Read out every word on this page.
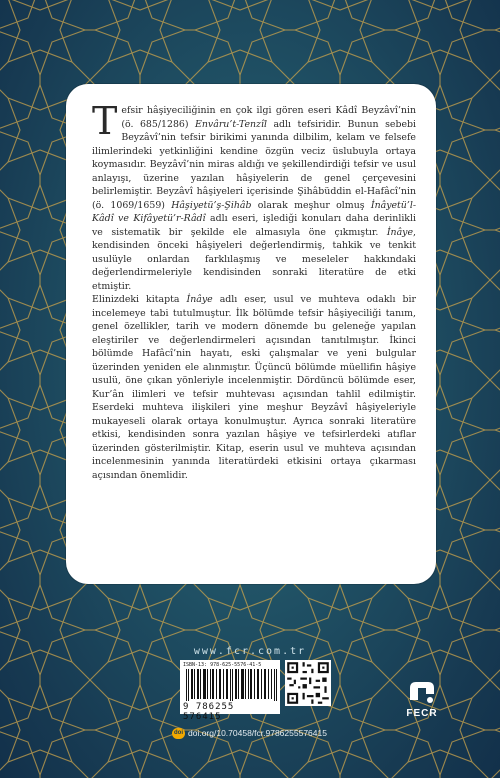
Tefsir hâşiyeciliğinin en çok ilgi gören eseri Kâdî Beyzâvî’nin (ö. 685/1286) Envâru’t-Tenzîl adlı tefsiridir. Bunun sebebi Beyzâvî’nin tefsir birikimi yanında dilbilim, kelam ve felsefe ilimlerindeki yetkinliğini kendine özgün veciz üslubuyla ortaya koymasıdır. Beyzâvî’nin miras aldığı ve şekillendirdiği tefsir ve usul anlayışı, üzerine yazılan hâşiyelerin de genel çerçevesini belirlemiştir. Beyzâvî hâşiyeleri içerisinde Şihâbüddin el-Hafâcî’nin (ö. 1069/1659) Hâşiyetü’ş-Şihâb olarak meşhur olmuş İnâyetü’l-Kâdî ve Kifâyetü’r-Râdî adlı eseri, işlediği konuları daha derinlikli ve sistematik bir şekilde ele almasıyla öne çıkmıştır. İnâye, kendisinden önceki hâşiyeleri değerlendirmiş, tahkik ve tenkit usulüyle onlardan farklılaşmış ve meseleler hakkındaki değerlendirmeleriyle kendisinden sonraki literatüre de etki etmiştir.

Elinizdeki kitapta İnâye adlı eser, usul ve muhteva odaklı bir incelemeye tabi tutulmuştur. İlk bölümde tefsir hâşiyeciliği tanım, genel özellikler, tarih ve modern dönemde bu geleneğe yapılan eleştiriler ve değerlendirmeleri açısından tanıtılmıştır. İkinci bölümde Hafâcî’nin hayatı, eski çalışmalar ve yeni bulgular üzerinden yeniden ele alınmıştır. Üçüncü bölümde müellifin hâşiye usulü, öne çıkan yönleriyle incelenmiştir. Dördüncü bölümde eser, Kur’ân ilimleri ve tefsir muhtevası açısından tahlil edilmiştir. Eserdeki muhteva ilişkileri yine meşhur Beyzâvî hâşiyeleriyle mukayeseli olarak ortaya konulmuştur. Ayrıca sonraki literatüre etkisi, kendisinden sonra yazılan hâşiye ve tefsirlerdeki atıflar üzerinden gösterilmiştir. Kitap, eserin usul ve muhteva açısından incelenmesinin yanında literatürdeki etkisini ortaya çıkarması açısından önemlidir.

www.fcr.com.tr
ISBN-13: 978-625-5576-41-5
9 786255 576415	FECR
doi doi.org/10.70458/fcr.9786255576415
